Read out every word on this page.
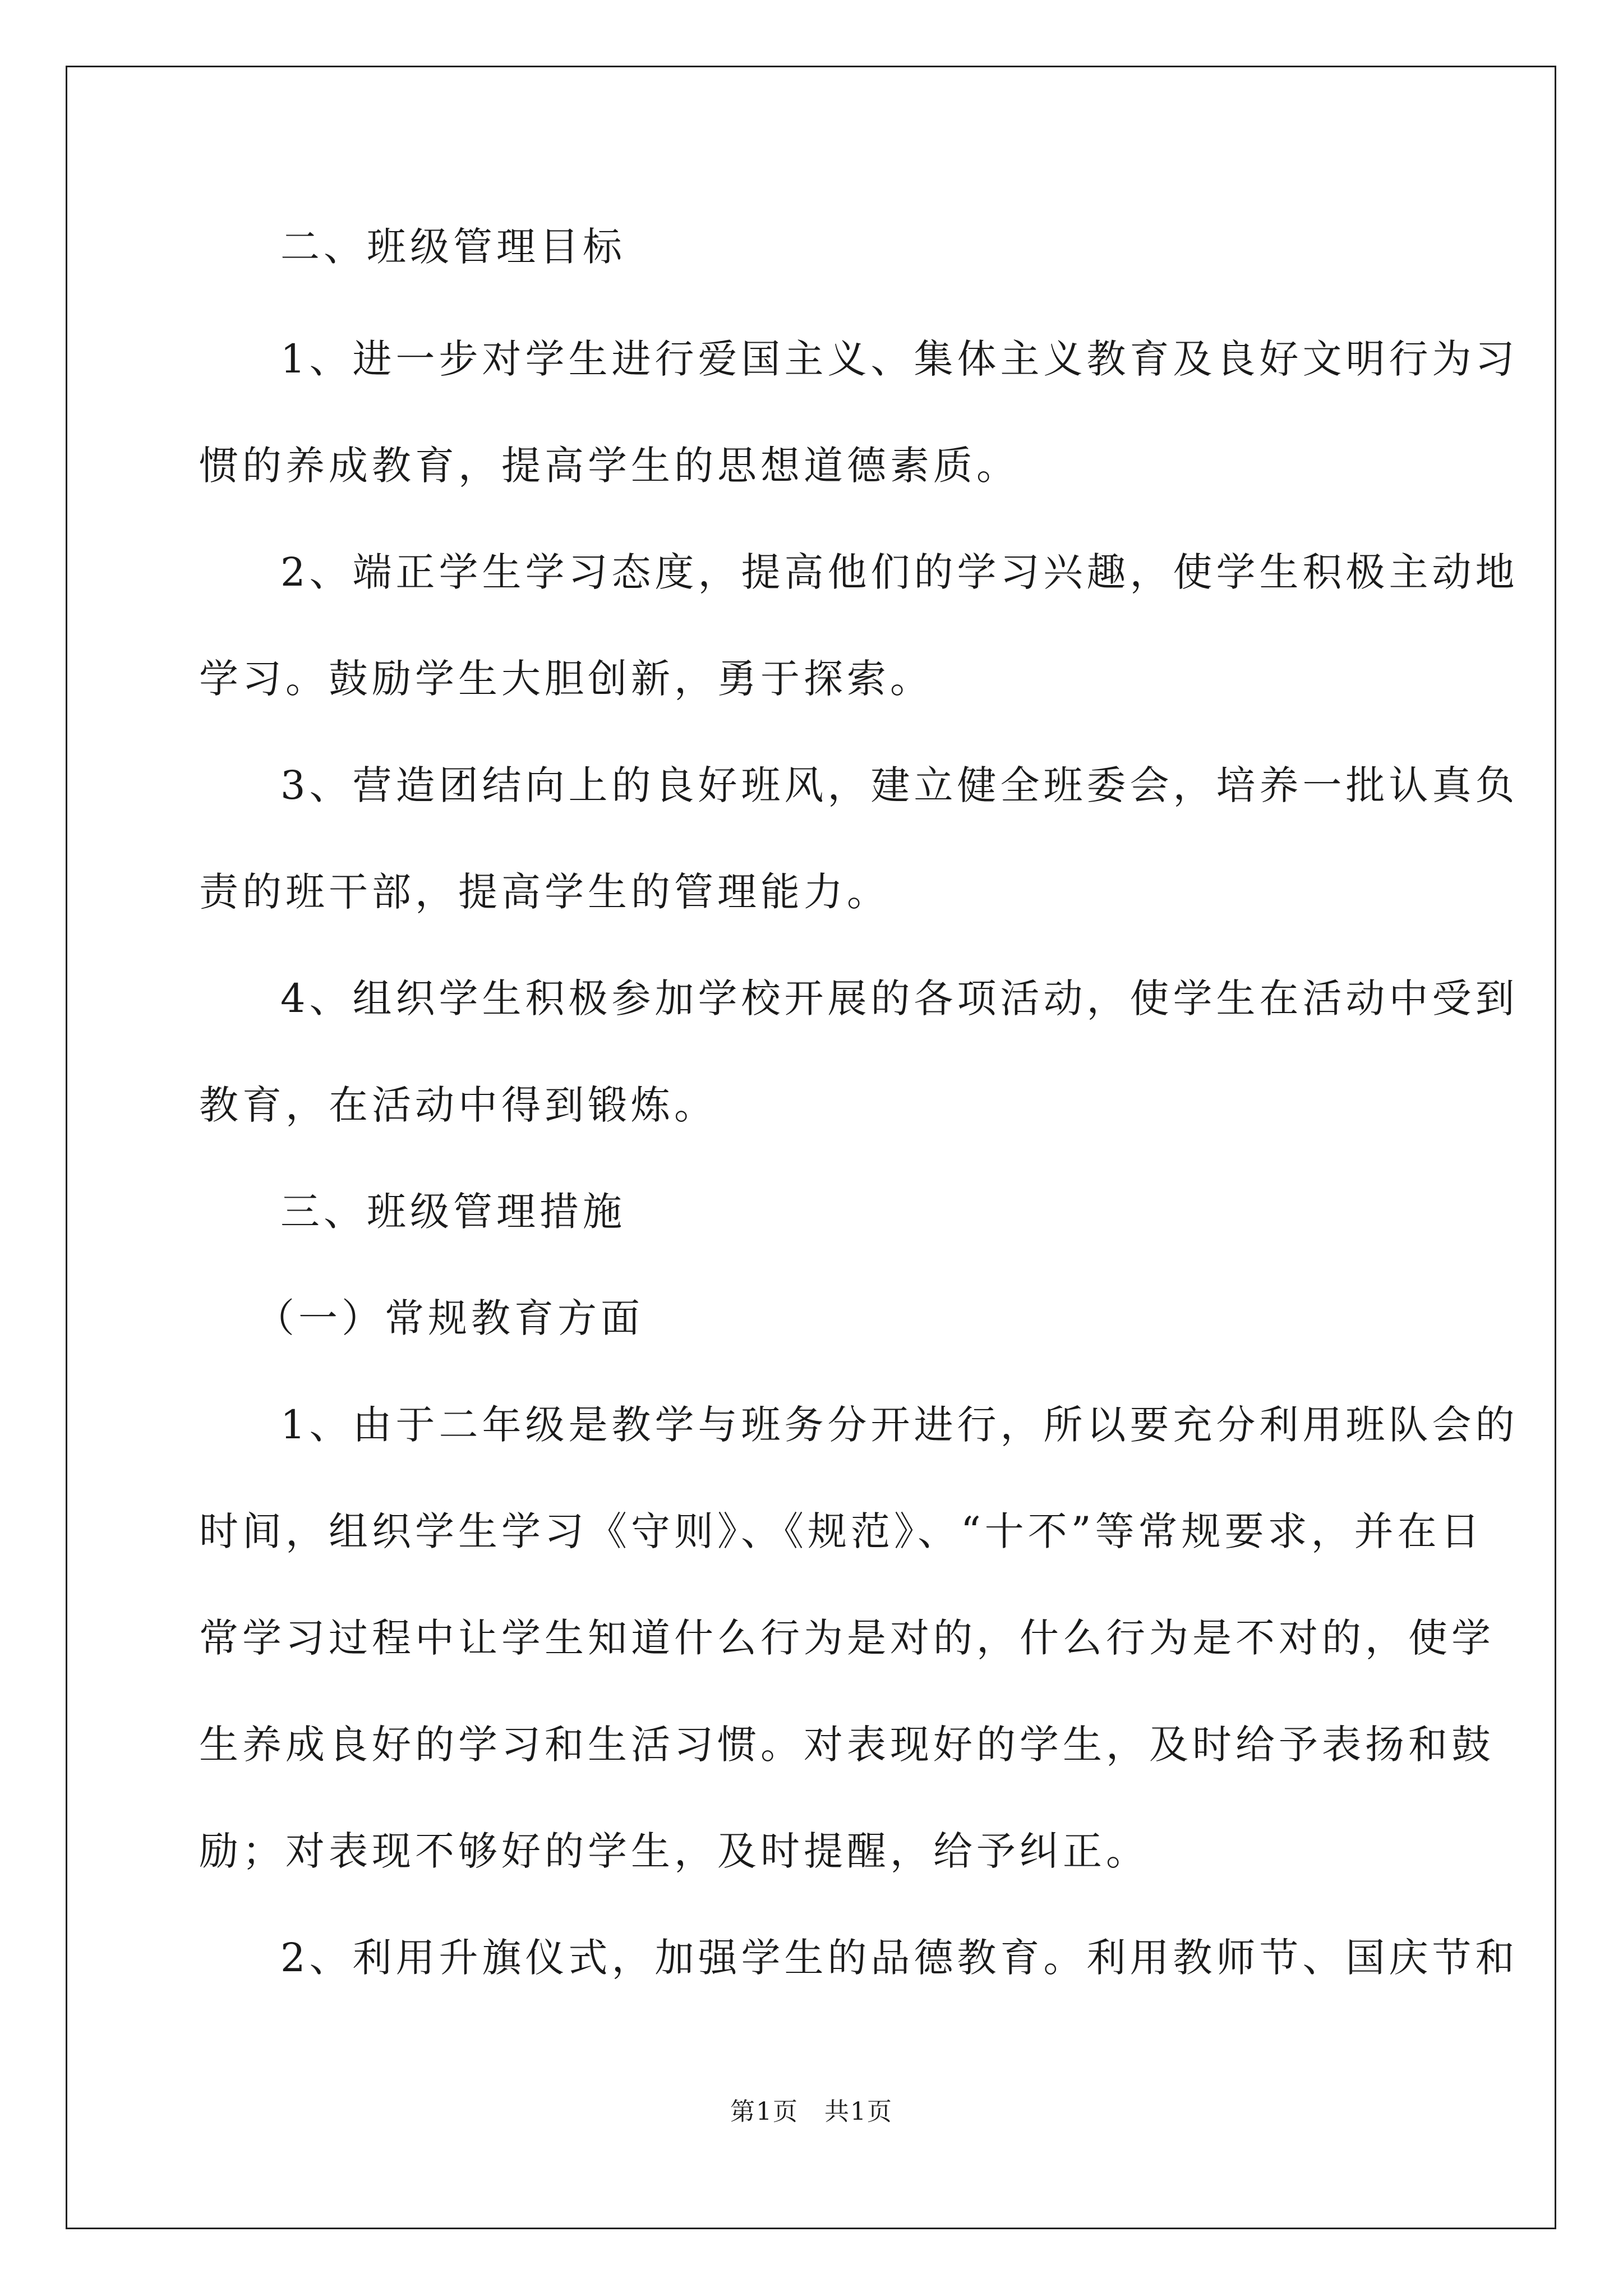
二、班级管理目标
1、进一步对学生进行爱国主义、集体主义教育及良好文明行为习
惯的养成教育，提高学生的思想道德素质。
2、端正学生学习态度，提高他们的学习兴趣，使学生积极主动地
学习。鼓励学生大胆创新，勇于探索。
3、营造团结向上的良好班风，建立健全班委会，培养一批认真负
责的班干部，提高学生的管理能力。
4、组织学生积极参加学校开展的各项活动，使学生在活动中受到
教育，在活动中得到锻炼。
三、班级管理措施
（一）常规教育方面
1、由于二年级是教学与班务分开进行，所以要充分利用班队会的
时间，组织学生学习《守则》、《规范》、“十不”等常规要求，并在日
常学习过程中让学生知道什么行为是对的，什么行为是不对的，使学
生养成良好的学习和生活习惯。对表现好的学生，及时给予表扬和鼓
励；对表现不够好的学生，及时提醒，给予纠正。
2、利用升旗仪式，加强学生的品德教育。利用教师节、国庆节和
第1页　共1页
